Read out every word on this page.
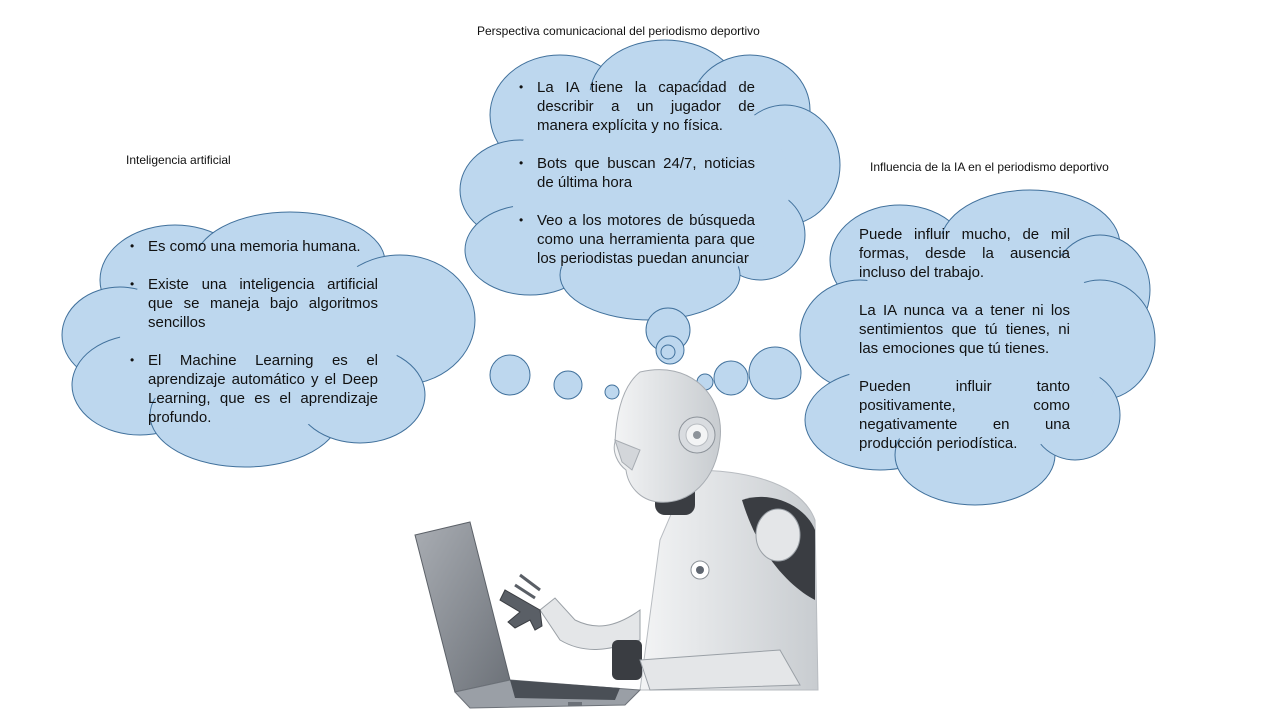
Perspectiva comunicacional del periodismo deportivo
Inteligencia artificial	Influencia de la IA en el periodismo deportivo
• Es como una memoria humana.
• Existe una inteligencia artificial que se maneja bajo algoritmos sencillos
• El Machine Learning es el aprendizaje automático y el Deep Learning, que es el aprendizaje profundo.
• La IA tiene la capacidad de describir a un jugador de manera explícita y no física.
• Bots que buscan 24/7, noticias de última hora
• Veo a los motores de búsqueda como una herramienta para que los periodistas puedan anunciar

Puede influir mucho, de mil formas, desde la ausencia incluso del trabajo.

La IA nunca va a tener ni los sentimientos que tú tienes, ni las emociones que tú tienes.

Pueden influir tanto positivamente, como negativamente en una producción periodística.
